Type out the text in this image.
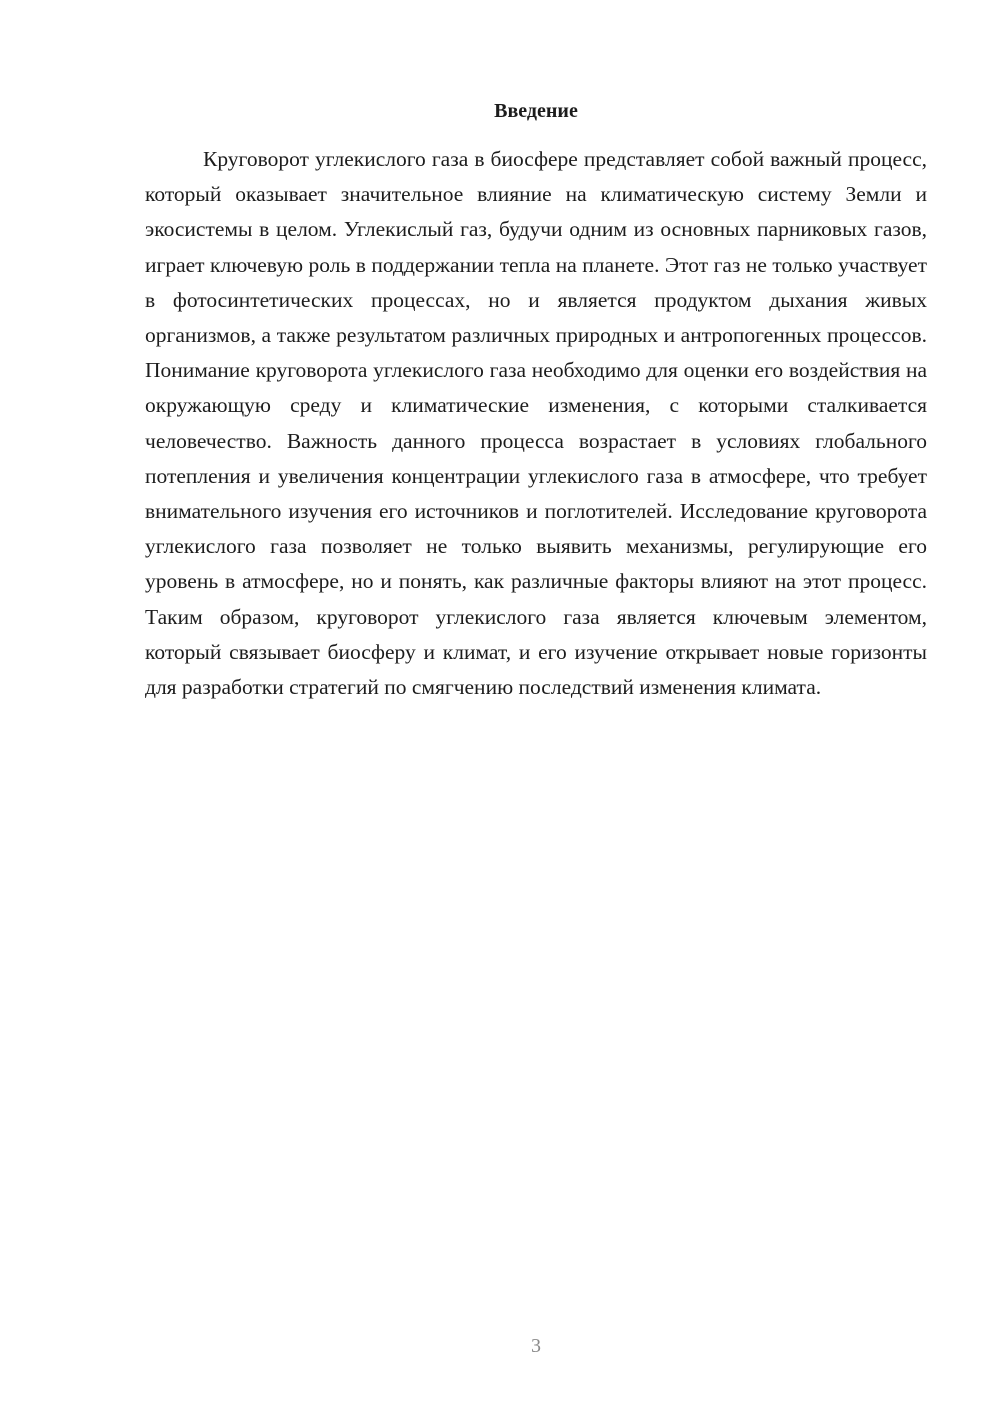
Введение

Круговорот углекислого газа в биосфере представляет собой важный процесс, который оказывает значительное влияние на климатическую систему Земли и экосистемы в целом. Углекислый газ, будучи одним из основных парниковых газов, играет ключевую роль в поддержании тепла на планете. Этот газ не только участвует в фотосинтетических процессах, но и является продуктом дыхания живых организмов, а также результатом различных природных и антропогенных процессов. Понимание круговорота углекислого газа необходимо для оценки его воздействия на окружающую среду и климатические изменения, с которыми сталкивается человечество. Важность данного процесса возрастает в условиях глобального потепления и увеличения концентрации углекислого газа в атмосфере, что требует внимательного изучения его источников и поглотителей. Исследование круговорота углекислого газа позволяет не только выявить механизмы, регулирующие его уровень в атмосфере, но и понять, как различные факторы влияют на этот процесс. Таким образом, круговорот углекислого газа является ключевым элементом, который связывает биосферу и климат, и его изучение открывает новые горизонты для разработки стратегий по смягчению последствий изменения климата.

3
